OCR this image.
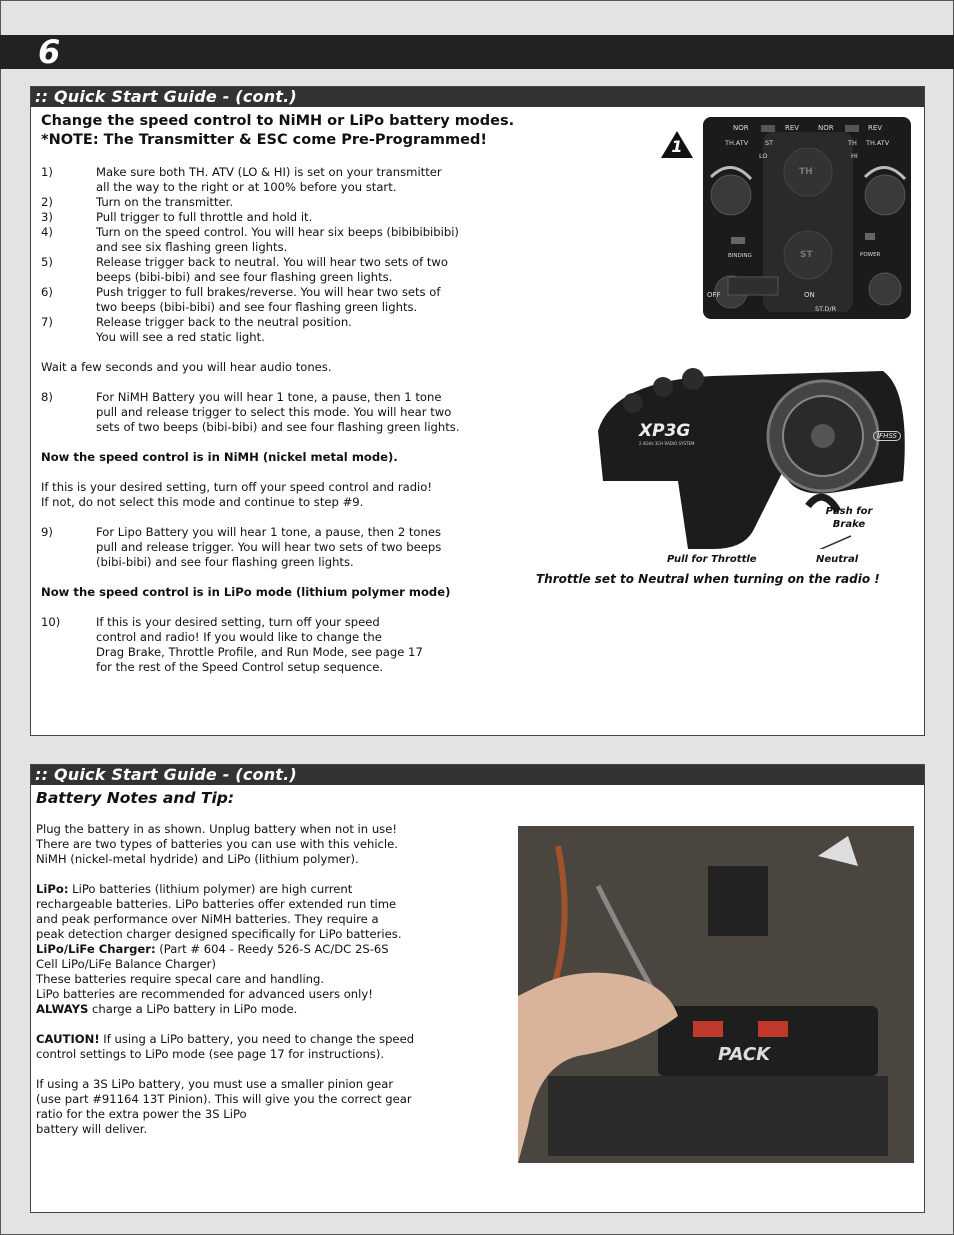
6
:: Quick Start Guide - (cont.)
Change the speed control to NiMH or LiPo battery modes.
*NOTE: The Transmitter & ESC come Pre-Programmed!
1)	Make sure both TH. ATV (LO & HI) is set on your transmitter
all the way to the right or at 100% before you start.
2)	Turn on the transmitter.
3)	Pull trigger to full throttle and hold it.
4)	Turn on the speed control. You will hear six beeps (bibibibibibi)
and see six flashing green lights.
5)	Release trigger back to neutral. You will hear two sets of two
beeps (bibi-bibi) and see four flashing green lights.
6)	Push trigger to full brakes/reverse. You will hear two sets of
two beeps (bibi-bibi) and see four flashing green lights.
7)	Release trigger back to the neutral position.
You will see a red static light.
Wait a few seconds and you will hear audio tones.
8)	For NiMH Battery you will hear 1 tone, a pause, then 1 tone
pull and release trigger to select this mode. You will hear two
sets of two beeps (bibi-bibi) and see four flashing green lights.
Now the speed control is in NiMH (nickel metal mode).
If this is your desired setting, turn off your speed control and radio!
If not, do not select this mode and continue to step #9.
9)	For Lipo Battery you will hear 1 tone, a pause, then 2 tones
pull and release trigger. You will hear two sets of two beeps
(bibi-bibi) and see four flashing green lights.
Now the speed control is in LiPo mode (lithium polymer mode)
10)	If this is your desired setting, turn off your speed
control and radio! If you would like to change the
Drag Brake, Throttle Profile, and Run Mode, see page 17
for the rest of the Speed Control setup sequence.
1
NOR	REV	NOR	REV
TH.ATV	ST	TH TH.ATV
LO	HI
TH
ST
BINDING	POWER
OFF	ON
ST.D/R
XP3G
2.4GHz 3CH RADIO SYSTEM
IFHSS
Push for Brake
Pull for Throttle	Neutral
Throttle set to Neutral when turning on the radio !
:: Quick Start Guide - (cont.)
Battery Notes and Tip:
Plug the battery in as shown. Unplug battery when not in use!
There are two types of batteries you can use with this vehicle.
NiMH (nickel-metal hydride) and LiPo (lithium polymer).
LiPo: LiPo batteries (lithium polymer) are high current
rechargeable batteries. LiPo batteries offer extended run time
and peak performance over NiMH batteries. They require a
peak detection charger designed specifically for LiPo batteries.
LiPo/LiFe Charger: (Part # 604 - Reedy 526-S AC/DC 2S-6S
Cell LiPo/LiFe Balance Charger)
These batteries require specal care and handling.
LiPo batteries are recommended for advanced users only!
ALWAYS charge a LiPo battery in LiPo mode.
CAUTION! If using a LiPo battery, you need to change the speed
control settings to LiPo mode (see page 17 for instructions).
If using a 3S LiPo battery, you must use a smaller pinion gear
(use part #91164 13T Pinion). This will give you the correct gear
ratio for the extra power the 3S LiPo
battery will deliver.
PACK
